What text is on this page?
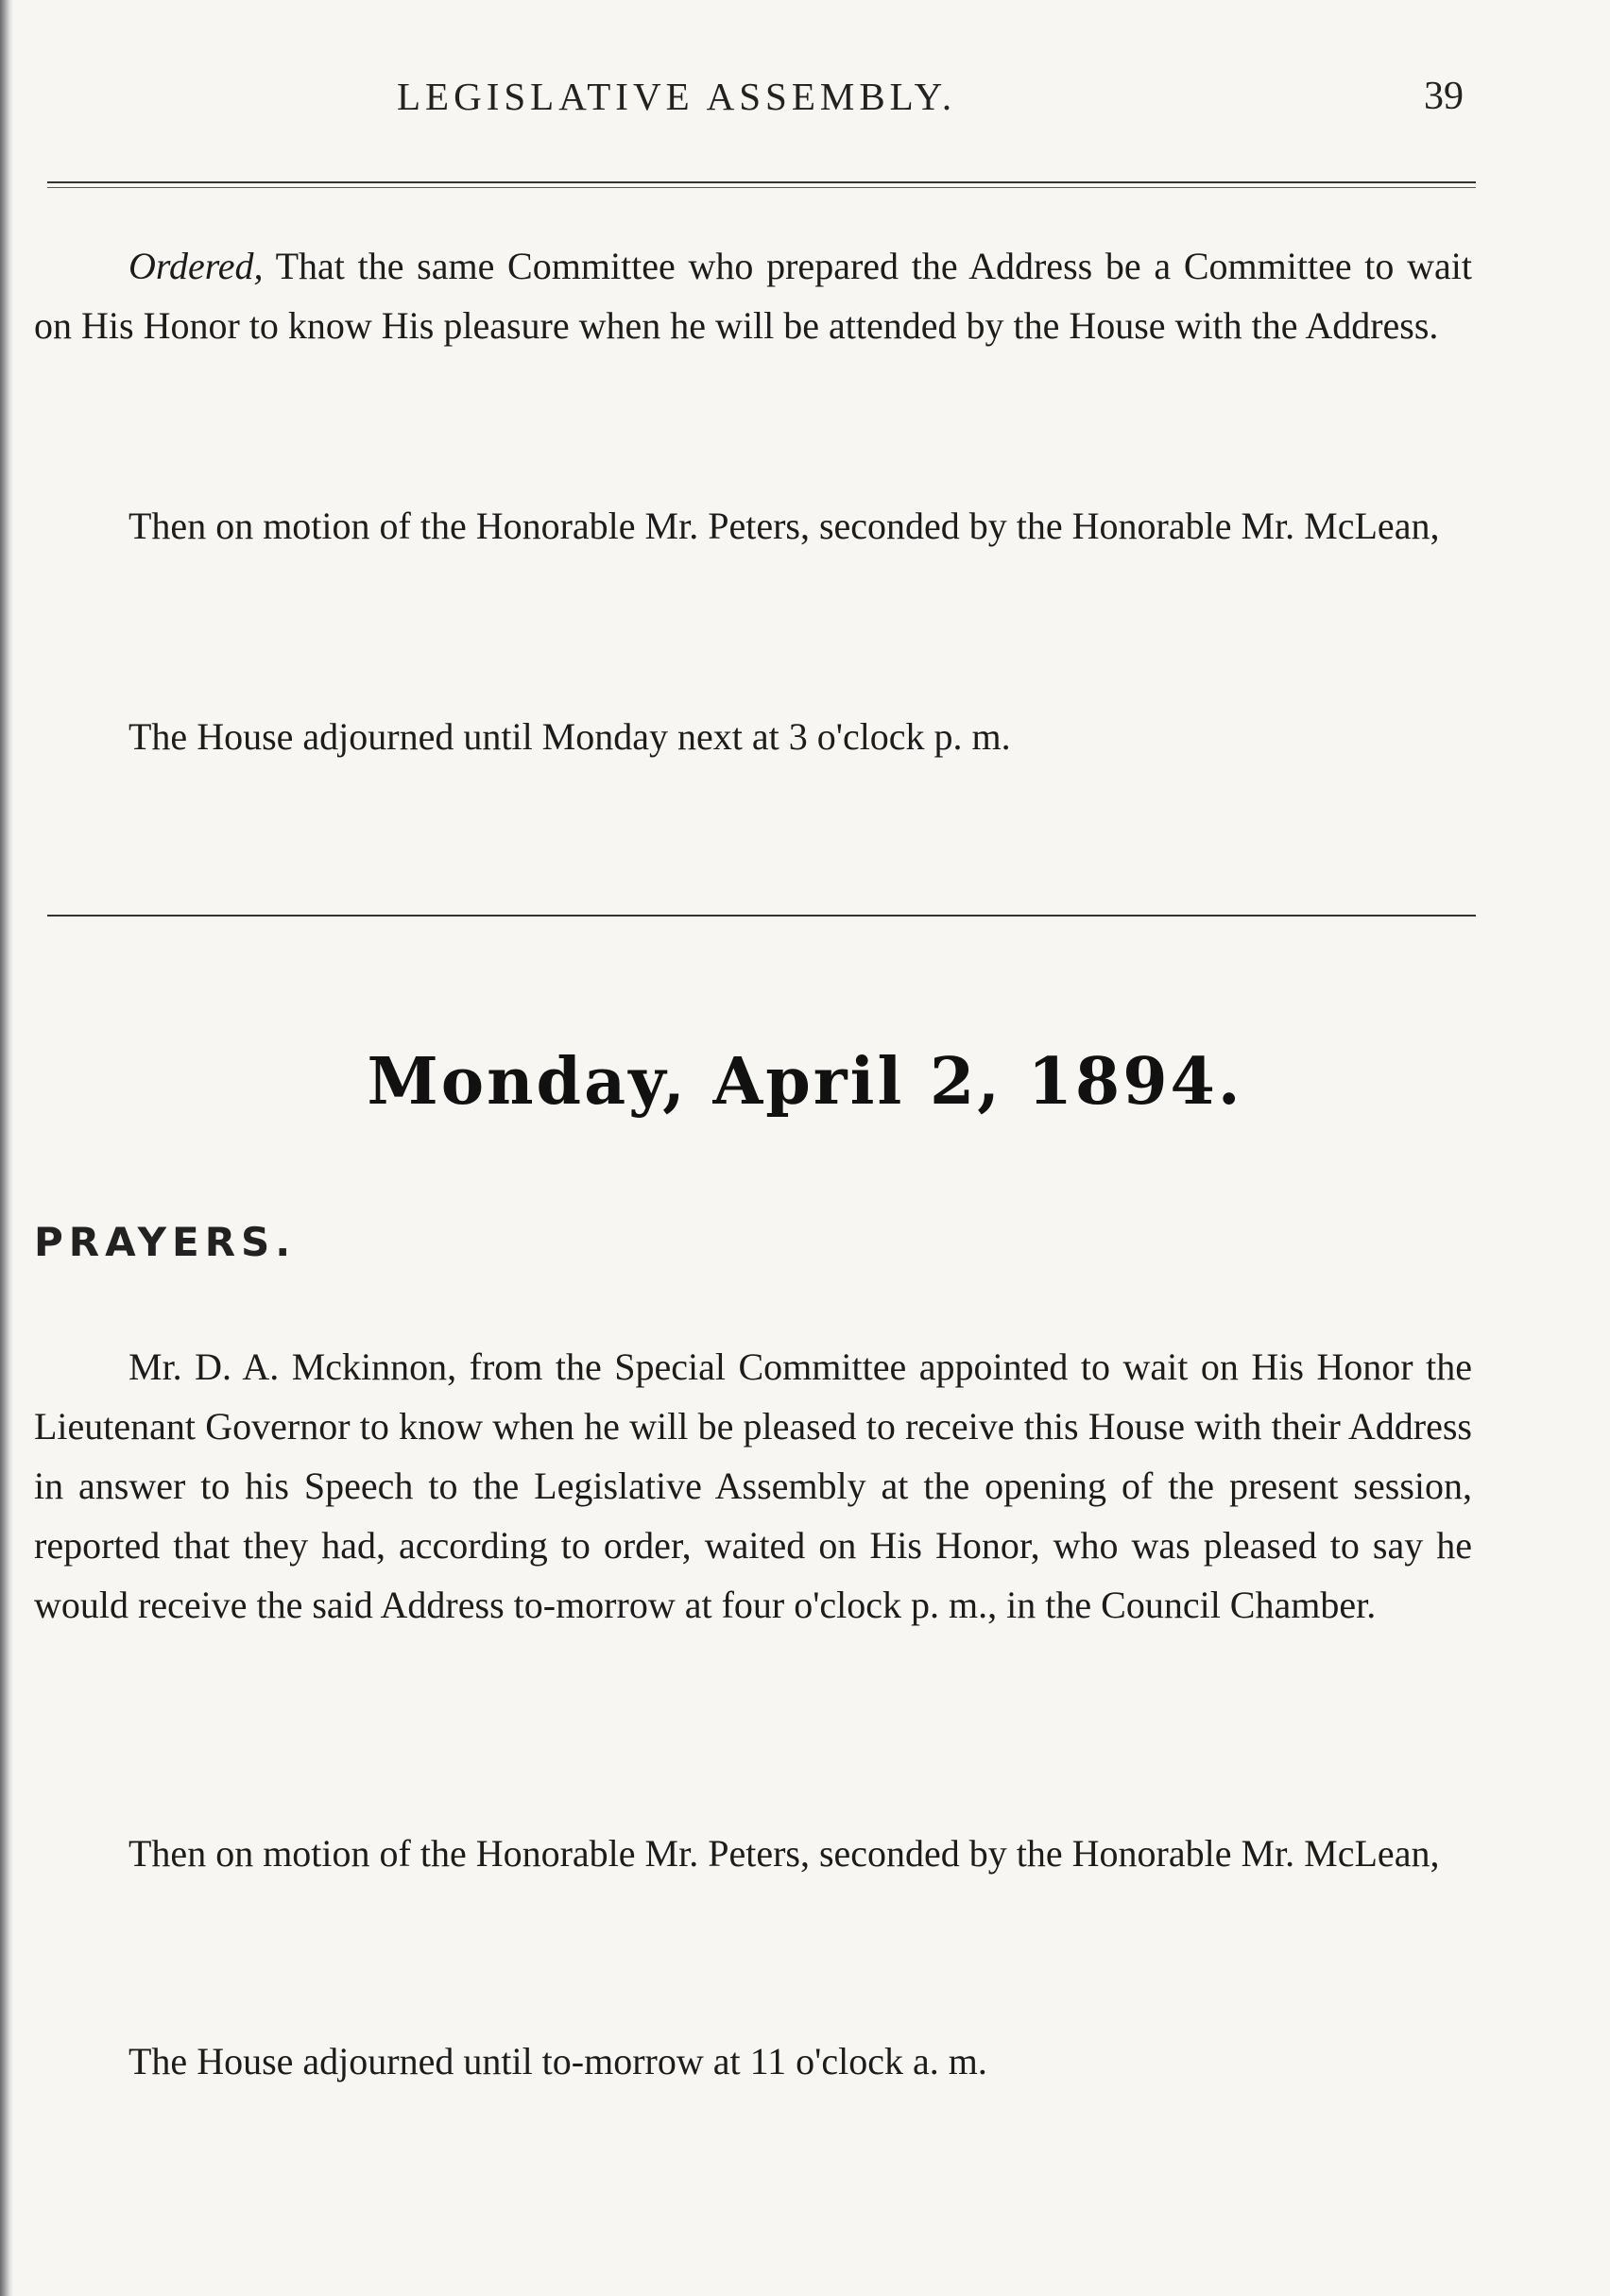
LEGISLATIVE ASSEMBLY.	39

Ordered, That the same Committee who prepared the Address be a Committee to wait on His Honor to know His pleasure when he will be attended by the House with the Address.

Then on motion of the Honorable Mr. Peters, seconded by the Honorable Mr. McLean,

The House adjourned until Monday next at 3 o'clock p. m.

Monday, April 2, 1894.
PRAYERS.

Mr. D. A. Mckinnon, from the Special Committee appointed to wait on His Honor the Lieutenant Governor to know when he will be pleased to receive this House with their Address in answer to his Speech to the Legislative Assembly at the opening of the present session, reported that they had, according to order, waited on His Honor, who was pleased to say he would receive the said Address to-morrow at four o'clock p. m., in the Council Chamber.

Then on motion of the Honorable Mr. Peters, seconded by the Honorable Mr. McLean,

The House adjourned until to-morrow at 11 o'clock a. m.
